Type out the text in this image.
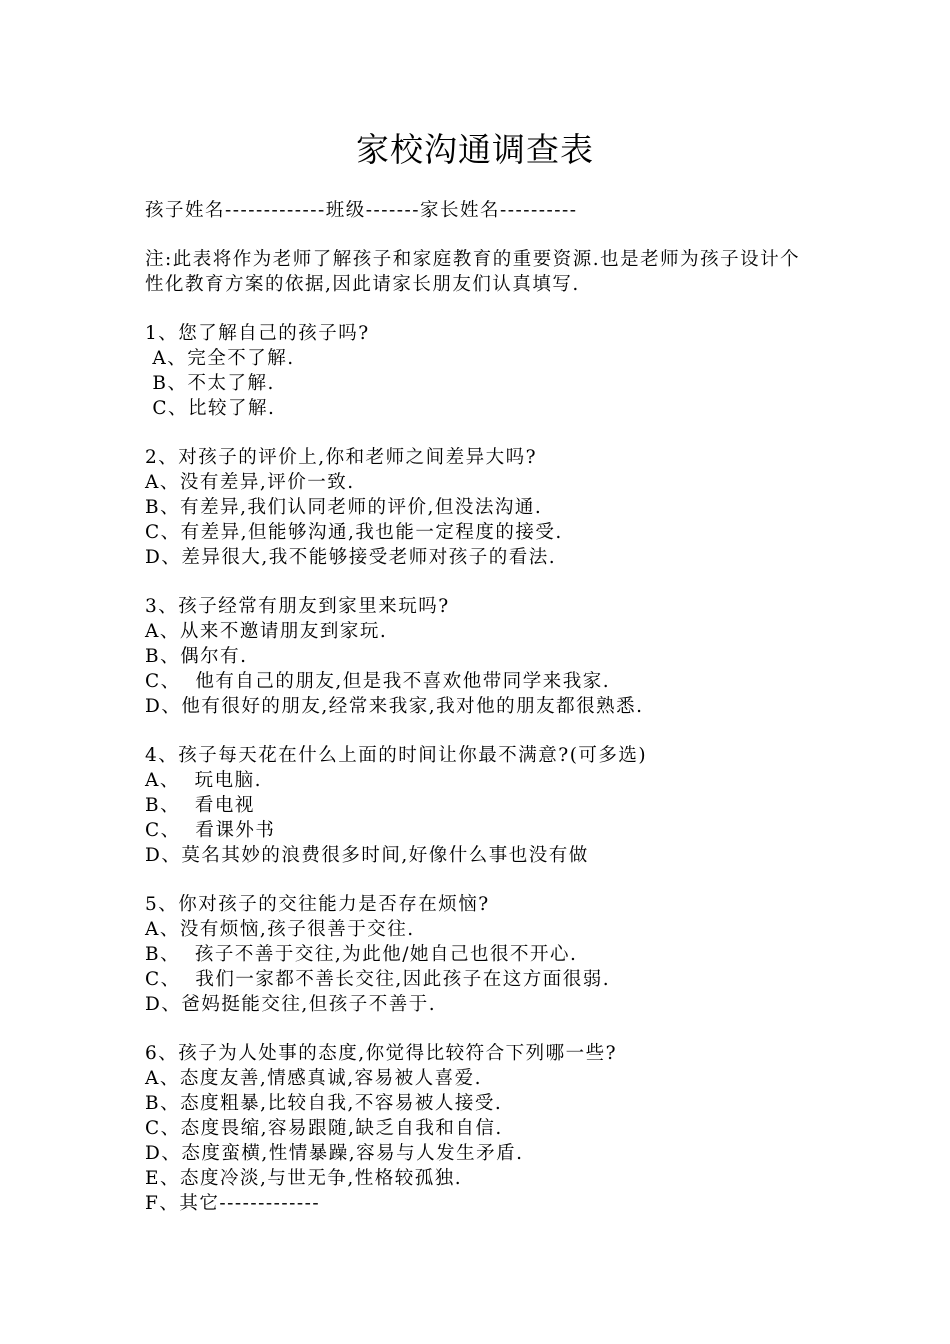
家校沟通调查表
孩子姓名-------------班级-------家长姓名----------
注:此表将作为老师了解孩子和家庭教育的重要资源.也是老师为孩子设计个性化教育方案的依据,因此请家长朋友们认真填写.
1、您了解自己的孩子吗?
A、完全不了解.
B、不太了解.
C、比较了解.
2、对孩子的评价上,你和老师之间差异大吗?
A、没有差异,评价一致.
B、有差异,我们认同老师的评价,但没法沟通.
C、有差异,但能够沟通,我也能一定程度的接受.
D、差异很大,我不能够接受老师对孩子的看法.
3、孩子经常有朋友到家里来玩吗?
A、从来不邀请朋友到家玩.
B、偶尔有.
C、  他有自己的朋友,但是我不喜欢他带同学来我家.
D、他有很好的朋友,经常来我家,我对他的朋友都很熟悉.
4、孩子每天花在什么上面的时间让你最不满意?(可多选)
A、  玩电脑.
B、  看电视
C、  看课外书
D、莫名其妙的浪费很多时间,好像什么事也没有做
5、你对孩子的交往能力是否存在烦恼?
A、没有烦恼,孩子很善于交往.
B、  孩子不善于交往,为此他/她自己也很不开心.
C、  我们一家都不善长交往,因此孩子在这方面很弱.
D、爸妈挺能交往,但孩子不善于.
6、孩子为人处事的态度,你觉得比较符合下列哪一些?
A、态度友善,情感真诚,容易被人喜爱.
B、态度粗暴,比较自我,不容易被人接受.
C、态度畏缩,容易跟随,缺乏自我和自信.
D、态度蛮横,性情暴躁,容易与人发生矛盾.
E、态度冷淡,与世无争,性格较孤独.
F、其它-------------
